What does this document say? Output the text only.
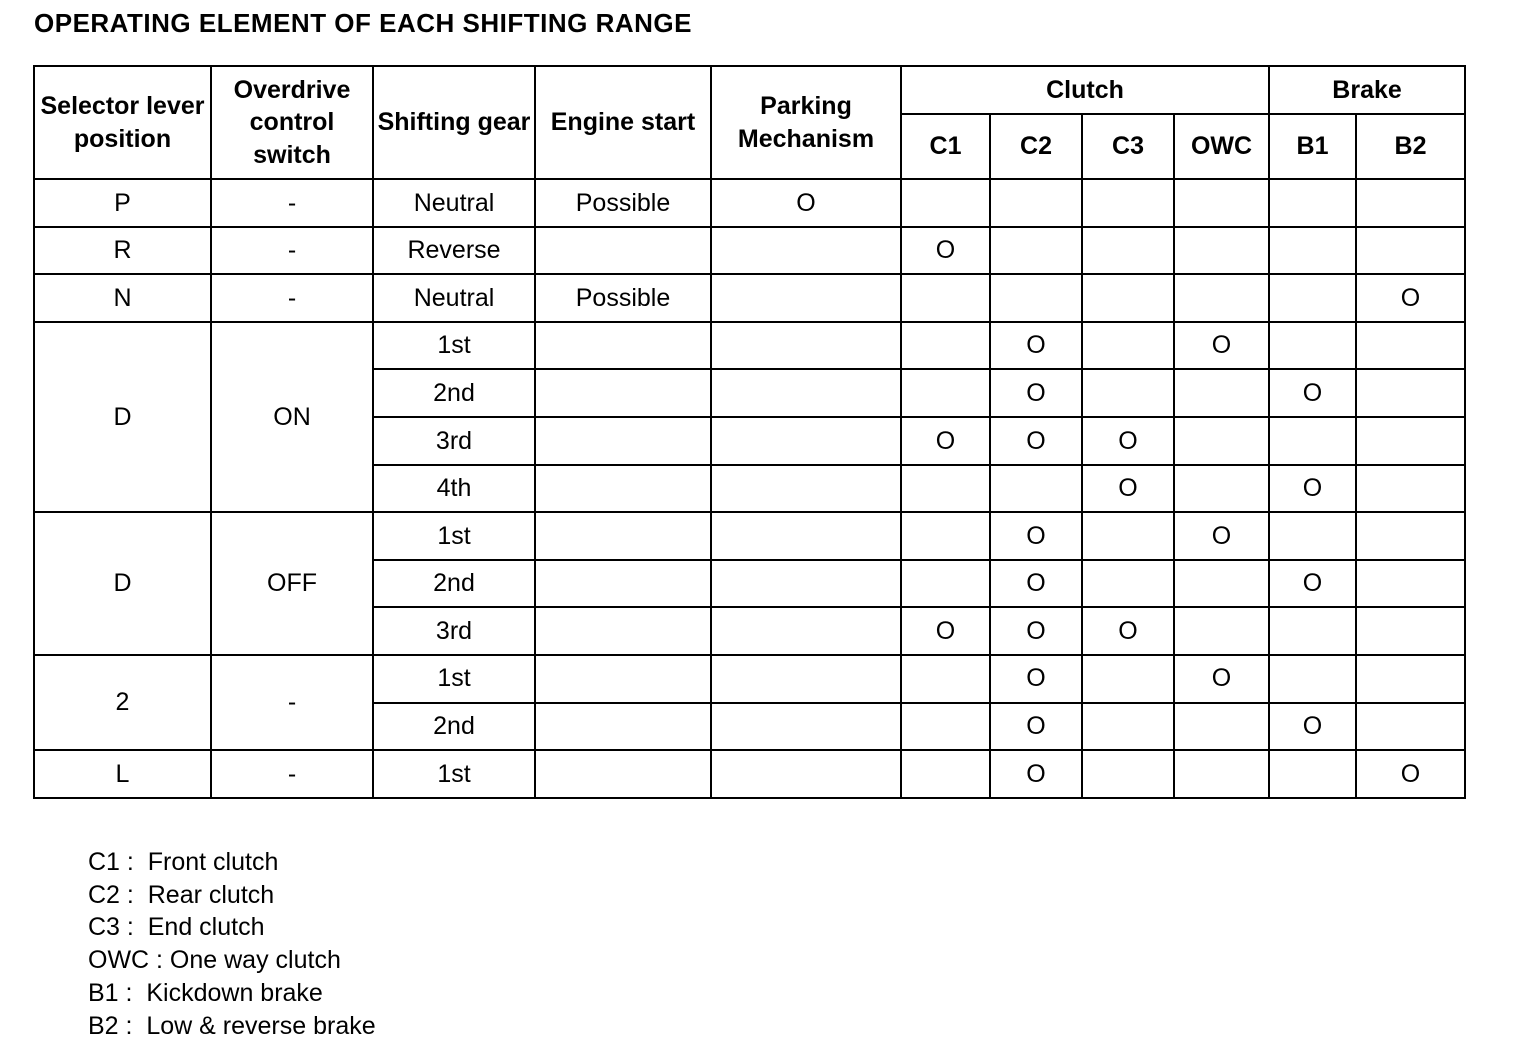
OPERATING ELEMENT OF EACH SHIFTING RANGE
Selector lever position	Overdrive control switch	Shifting gear	Engine start	Parking Mechanism	Clutch				Brake	
					C1	C2	C3	OWC	B1	B2
P	-	Neutral	Possible	O						
R	-	Reverse			O					
N	-	Neutral	Possible							O
D	ON	1st				O		O		
		2nd				O			O	
		3rd			O	O	O			
		4th					O		O	
D	OFF	1st				O		O		
		2nd				O			O	
		3rd			O	O	O			
2	-	1st				O		O		
		2nd				O			O	
L	-	1st				O				O
C1 :  Front clutch
C2 :  Rear clutch
C3 :  End clutch
OWC : One way clutch
B1 :  Kickdown brake
B2 :  Low & reverse brake
